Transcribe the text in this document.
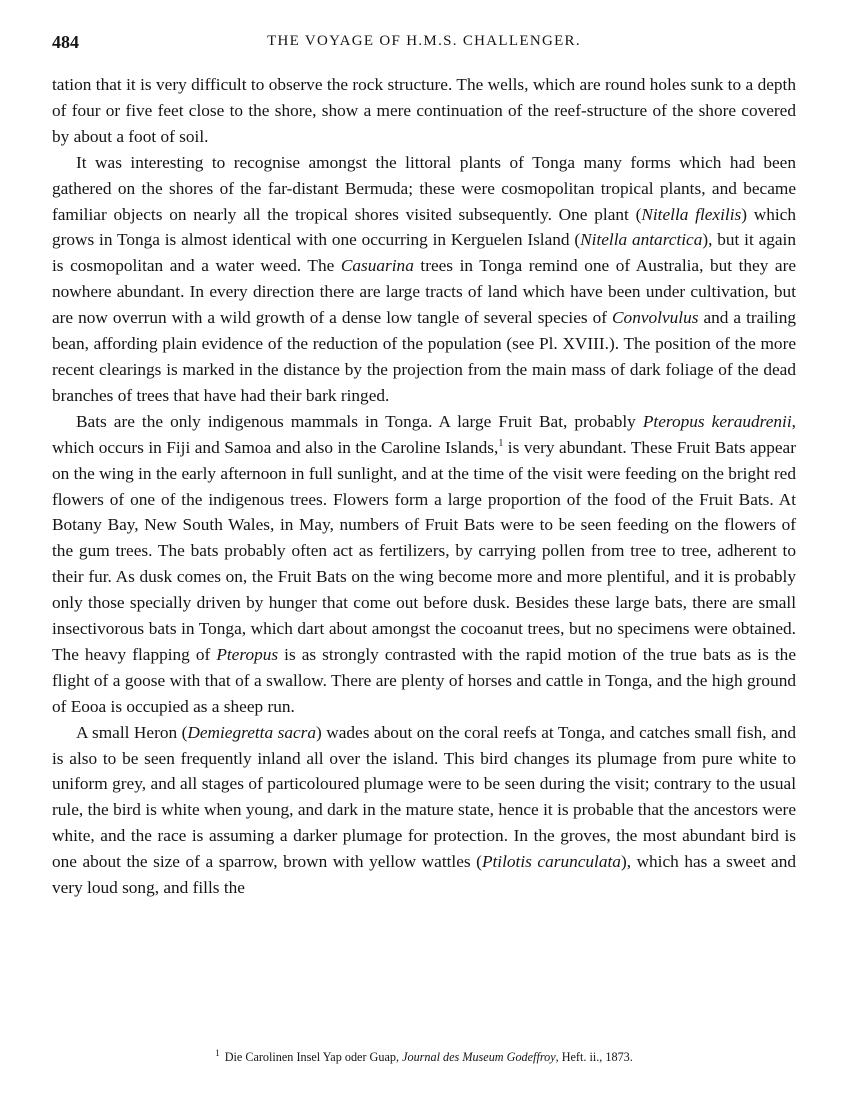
484	THE VOYAGE OF H.M.S. CHALLENGER.

tation that it is very difficult to observe the rock structure. The wells, which are round holes sunk to a depth of four or five feet close to the shore, show a mere continuation of the reef-structure of the shore covered by about a foot of soil.

It was interesting to recognise amongst the littoral plants of Tonga many forms which had been gathered on the shores of the far-distant Bermuda; these were cosmopolitan tropical plants, and became familiar objects on nearly all the tropical shores visited subsequently. One plant (Nitella flexilis) which grows in Tonga is almost identical with one occurring in Kerguelen Island (Nitella antarctica), but it again is cosmopolitan and a water weed. The Casuarina trees in Tonga remind one of Australia, but they are nowhere abundant. In every direction there are large tracts of land which have been under cultivation, but are now overrun with a wild growth of a dense low tangle of several species of Convolvulus and a trailing bean, affording plain evidence of the reduction of the population (see Pl. XVIII.). The position of the more recent clearings is marked in the distance by the projection from the main mass of dark foliage of the dead branches of trees that have had their bark ringed.

Bats are the only indigenous mammals in Tonga. A large Fruit Bat, probably Pteropus keraudrenii, which occurs in Fiji and Samoa and also in the Caroline Islands,$^1$ is very abundant. These Fruit Bats appear on the wing in the early afternoon in full sunlight, and at the time of the visit were feeding on the bright red flowers of one of the indigenous trees. Flowers form a large proportion of the food of the Fruit Bats. At Botany Bay, New South Wales, in May, numbers of Fruit Bats were to be seen feeding on the flowers of the gum trees. The bats probably often act as fertilizers, by carrying pollen from tree to tree, adherent to their fur. As dusk comes on, the Fruit Bats on the wing become more and more plentiful, and it is probably only those specially driven by hunger that come out before dusk. Besides these large bats, there are small insectivorous bats in Tonga, which dart about amongst the cocoanut trees, but no specimens were obtained. The heavy flapping of Pteropus is as strongly contrasted with the rapid motion of the true bats as is the flight of a goose with that of a swallow. There are plenty of horses and cattle in Tonga, and the high ground of Eooa is occupied as a sheep run.

A small Heron (Demiegretta sacra) wades about on the coral reefs at Tonga, and catches small fish, and is also to be seen frequently inland all over the island. This bird changes its plumage from pure white to uniform grey, and all stages of particoloured plumage were to be seen during the visit; contrary to the usual rule, the bird is white when young, and dark in the mature state, hence it is probable that the ancestors were white, and the race is assuming a darker plumage for protection. In the groves, the most abundant bird is one about the size of a sparrow, brown with yellow wattles (Ptilotis carunculata), which has a sweet and very loud song, and fills the

$^1$ Die Carolinen Insel Yap oder Guap, Journal des Museum Godeffroy, Heft. ii., 1873.
